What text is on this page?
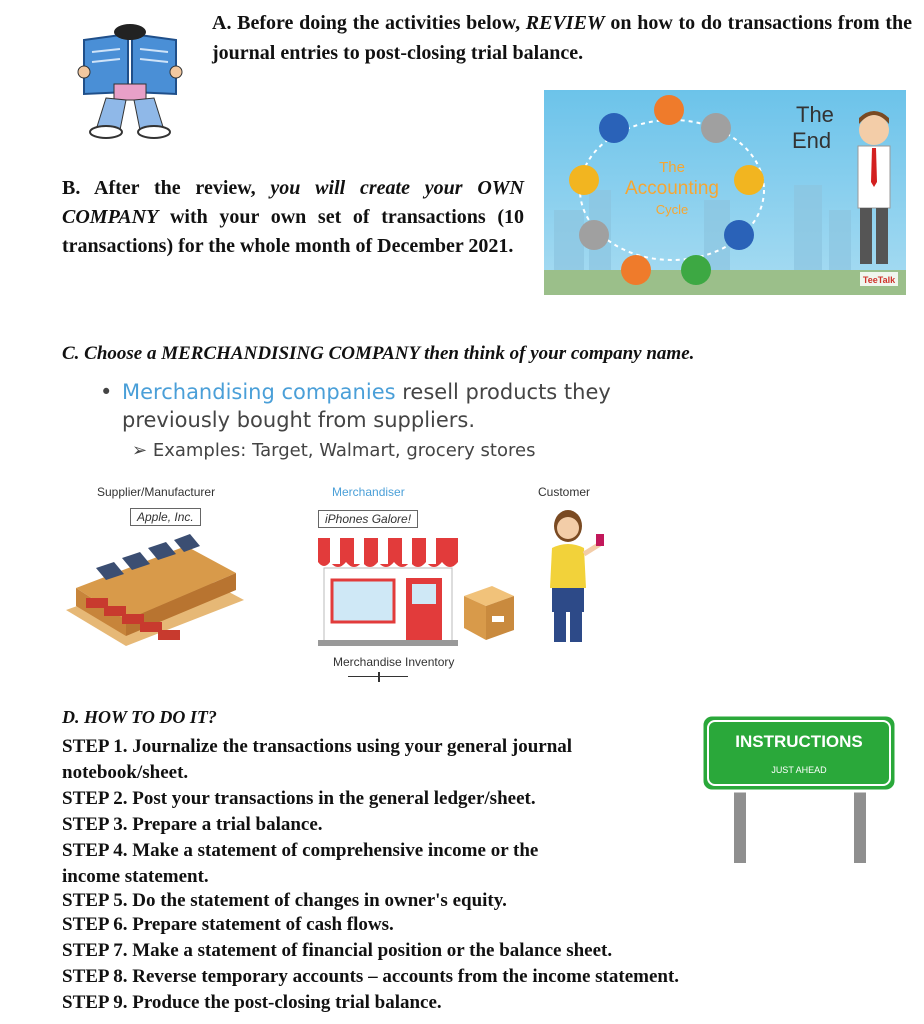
A. Before doing the activities below, REVIEW on how to do transactions from the journal entries to post-closing trial balance.
B. After the review, you will create your OWN COMPANY with your own set of transactions (10 transactions) for the whole month of December 2021.
The
Accounting
Cycle
The
End
TeeTalk
C. Choose a MERCHANDISING COMPANY then think of your company name.
• Merchandising companies resell products they previously bought from suppliers.
➢ Examples: Target, Walmart, grocery stores
Supplier/Manufacturer
Apple, Inc.
Merchandiser
iPhones Galore!
Customer
Merchandise Inventory
D. HOW TO DO IT?
STEP 1. Journalize the transactions using your general journal
notebook/sheet.
STEP 2. Post your transactions in the general ledger/sheet.
STEP 3. Prepare a trial balance.
STEP 4. Make a statement of comprehensive income or the
income statement.
STEP 5. Do the statement of changes in owner's equity.
STEP 6. Prepare statement of cash flows.
STEP 7. Make a statement of financial position or the balance sheet.
STEP 8. Reverse temporary accounts – accounts from the income statement.
STEP 9. Produce the post-closing trial balance.
INSTRUCTIONS
JUST AHEAD
